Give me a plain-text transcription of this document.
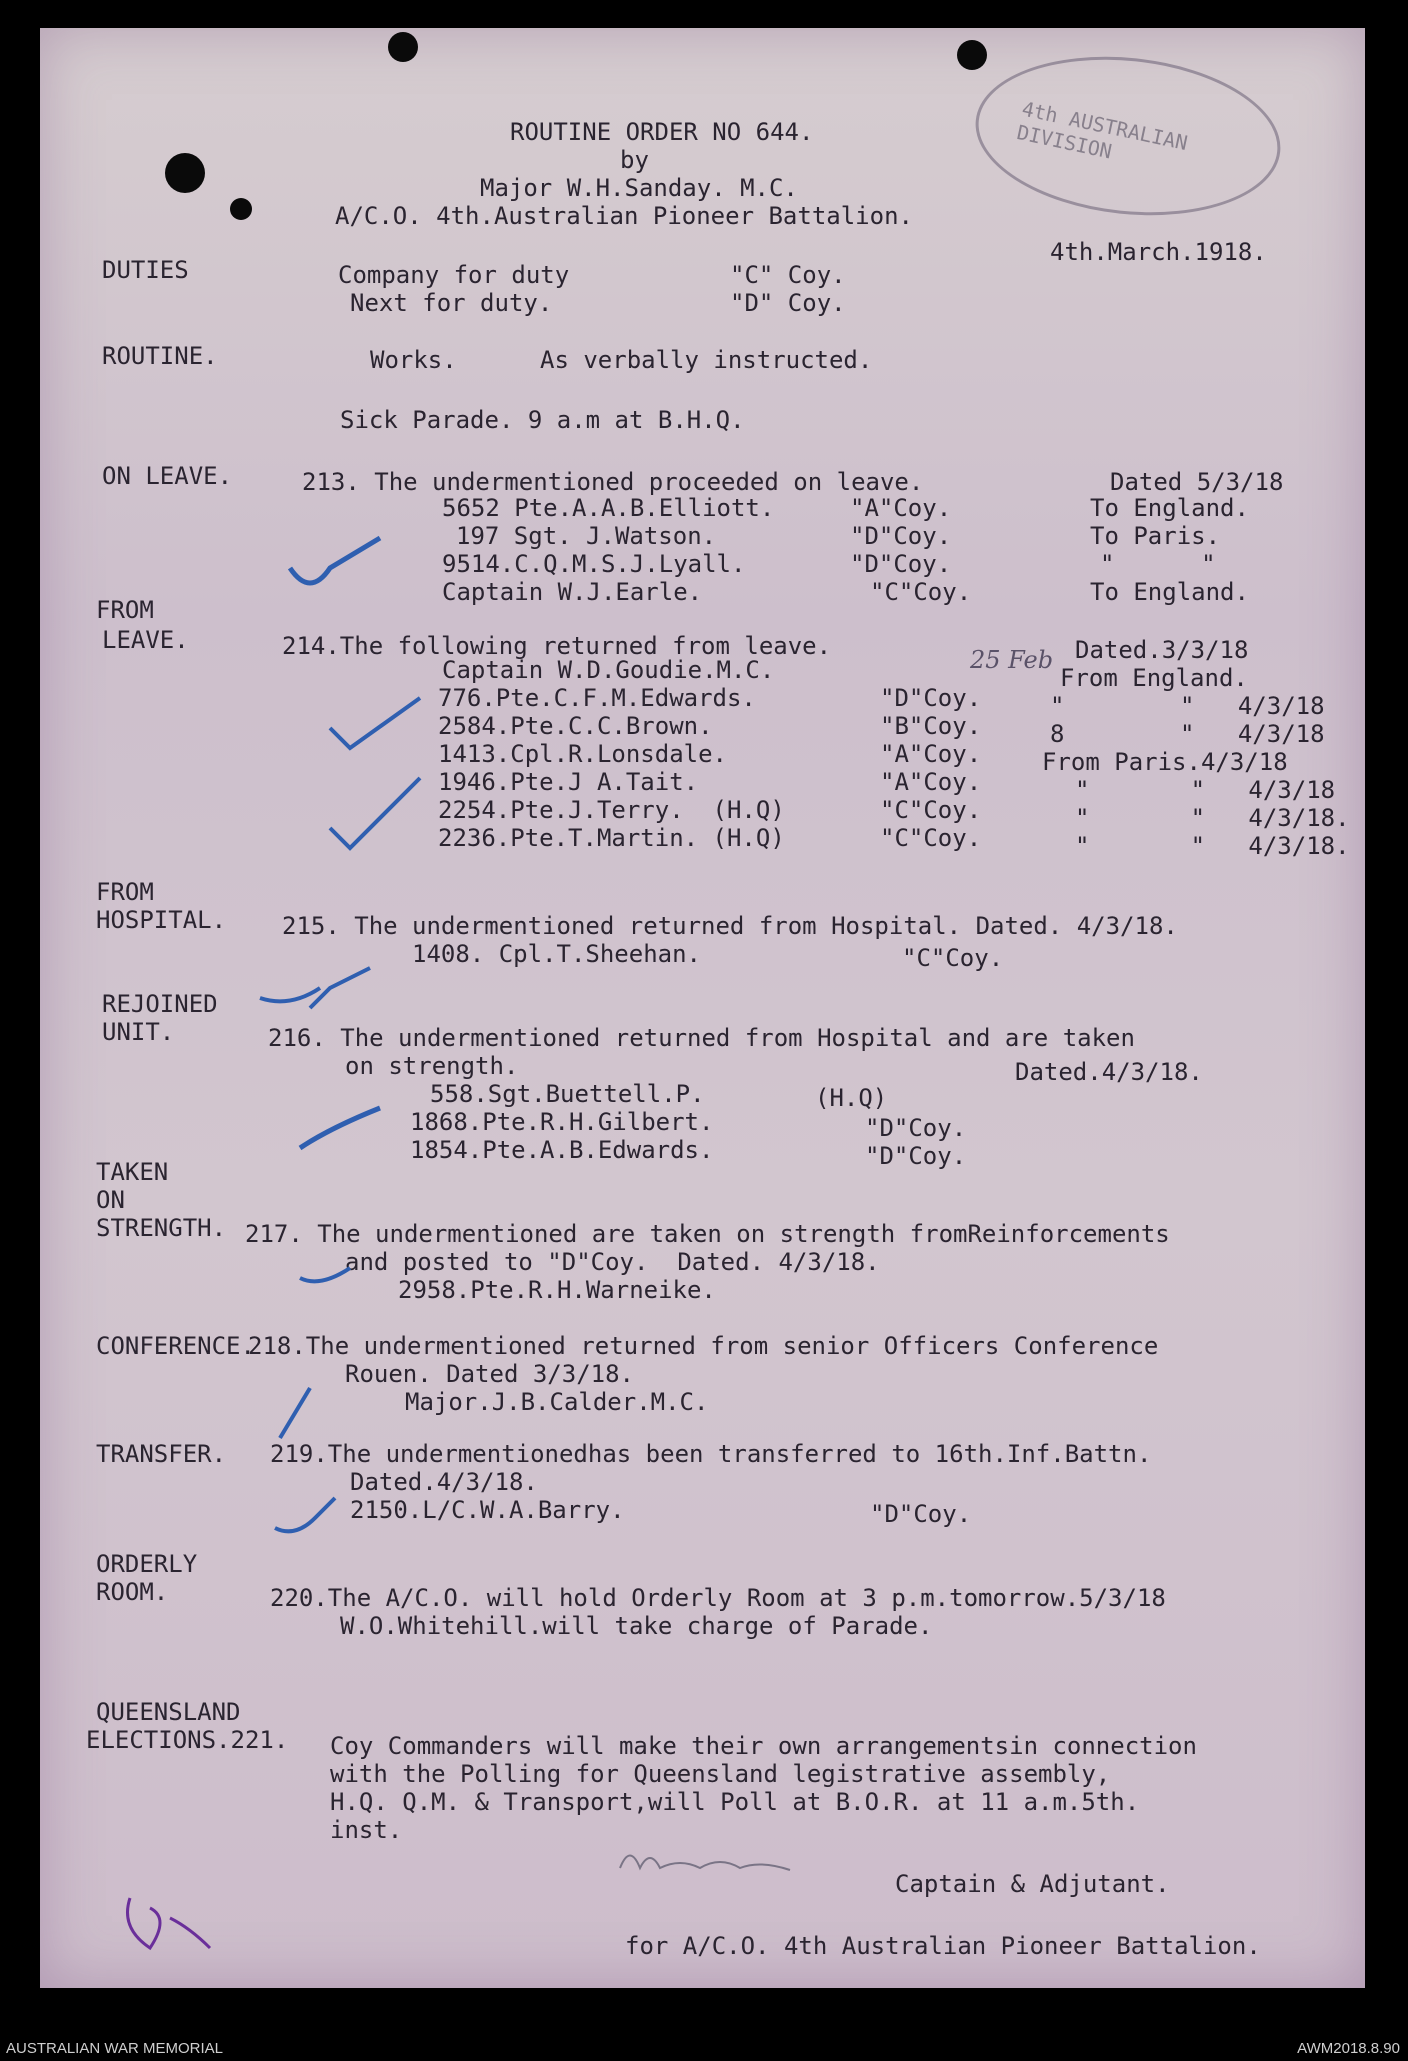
4th AUSTRALIAN DIVISION
ROUTINE ORDER NO 644.
by
Major W.H.Sanday. M.C.
A/C.O. 4th.Australian Pioneer Battalion.
4th.March.1918.
DUTIES	Company for duty	"C" Coy.
Next for duty.	"D" Coy.
ROUTINE.	Works.	As verbally instructed.
Sick Parade. 9 a.m at B.H.Q.
ON LEAVE.	213. The undermentioned proceeded on leave.	Dated 5/3/18
5652 Pte.A.A.B.Elliott.	"A"Coy.	To England.
197 Sgt. J.Watson.	"D"Coy.	To Paris.
9514.C.Q.M.S.J.Lyall.	"D"Coy.	"      "
Captain W.J.Earle.	"C"Coy.	To England.
FROM
LEAVE.	214.The following returned from leave.	25 Feb Dated.3/3/18
Captain W.D.Goudie.M.C.	From England.
776.Pte.C.F.M.Edwards.	"D"Coy.	"        "   4/3/18
2584.Pte.C.C.Brown.	"B"Coy.	8        "   4/3/18
1413.Cpl.R.Lonsdale.	"A"Coy.	From Paris.4/3/18
1946.Pte.J A.Tait.	"A"Coy.	"       "   4/3/18
2254.Pte.J.Terry.  (H.Q)	"C"Coy.	"       "   4/3/18.
2236.Pte.T.Martin. (H.Q)	"C"Coy.	"       "   4/3/18.
FROM
HOSPITAL. 215. The undermentioned returned from Hospital. Dated. 4/3/18.
1408. Cpl.T.Sheehan.	"C"Coy.
REJOINED
UNIT.	216. The undermentioned returned from Hospital and are taken
on strength.	Dated.4/3/18.
558.Sgt.Buettell.P.	(H.Q)
1868.Pte.R.H.Gilbert.	"D"Coy.
1854.Pte.A.B.Edwards.	"D"Coy.
TAKEN
ON
STRENGTH. 217. The undermentioned are taken on strength fromReinforcements
and posted to "D"Coy.  Dated. 4/3/18.
2958.Pte.R.H.Warneike.
CONFERENCE.
218.The undermentioned returned from senior Officers Conference
Rouen. Dated 3/3/18.
Major.J.B.Calder.M.C.
TRANSFER. 219.The undermentionedhas been transferred to 16th.Inf.Battn.
Dated.4/3/18.
2150.L/C.W.A.Barry.	"D"Coy.
ORDERLY
ROOM.	220.The A/C.O. will hold Orderly Room at 3 p.m.tomorrow.5/3/18
W.O.Whitehill.will take charge of Parade.
QUEENSLAND
ELECTIONS.221. Coy Commanders will make their own arrangementsin connection
with the Polling for Queensland legistrative assembly,
H.Q. Q.M. & Transport,will Poll at B.O.R. at 11 a.m.5th.
inst.
Captain & Adjutant.
for A/C.O. 4th Australian Pioneer Battalion.
AUSTRALIAN WAR MEMORIAL	AWM2018.8.90
